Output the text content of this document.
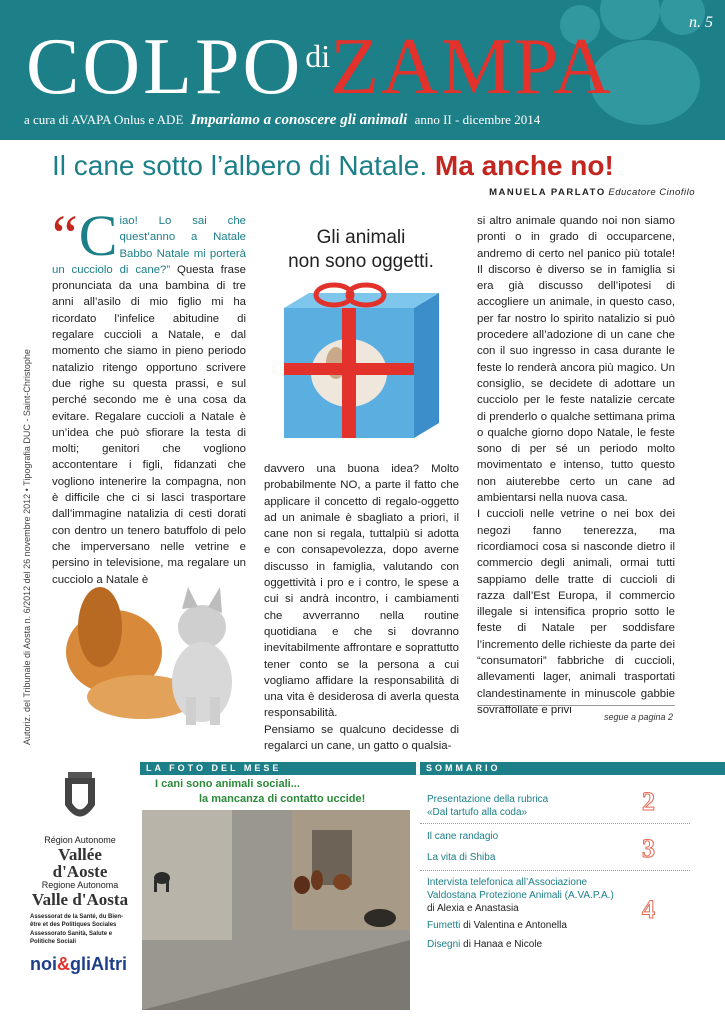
n. 5
COLPOdiZAMPA
a cura di AVAPA Onlus e ADE Impariamo a conoscere gli animali anno II - dicembre 2014
Il cane sotto l’albero di Natale. Ma anche no!
MANUELA PARLATO Educatore Cinofilo
Autoriz. del Tribunale di Aosta n. 6/2012 del 26 novembre 2012 • Tipografia DUC - Saint-Christophe
“ C iao! Lo sai che quest’anno a Natale Babbo Natale mi porterà un cucciolo di cane?” Questa frase pronunciata da una bambina di tre anni all’asilo di mio figlio mi ha ricordato l’infelice abitudine di regalare cuccioli a Natale, e dal momento che siamo in pieno periodo natalizio ritengo opportuno scrivere due righe su questa prassi, e sul perché secondo me è una cosa da evitare. Regalare cuccioli a Natale è un’idea che può sfiorare la testa di molti; genitori che vogliono accontentare i figli, fidanzati che vogliono intenerire la compagna, non è difficile che ci si lasci trasportare dall’immagine natalizia di cesti dorati con dentro un tenero batuffolo di pelo che imperversano nelle vetrine e persino in televisione, ma regalare un cucciolo a Natale è
Gli animali
non sono oggetti.

davvero una buona idea? Molto probabilmente NO, a parte il fatto che applicare il concetto di regalo-oggetto ad un animale è sbagliato a priori, il cane non si regala, tuttalpiù si adotta e con consapevolezza, dopo averne discusso in famiglia, valutando con oggettività i pro e i contro, le spese a cui si andrà incontro, i cambiamenti che avverranno nella routine quotidiana e che si dovranno inevitabilmente affrontare e soprattutto tener conto se la persona a cui vogliamo affidare la responsabilità di una vita è desiderosa di averla questa responsabilità.

Pensiamo se qualcuno decidesse di regalarci un cane, un gatto o qualsia-

si altro animale quando noi non siamo pronti o in grado di occuparcene, andremo di certo nel panico più totale! Il discorso è diverso se in famiglia si era già discusso dell’ipotesi di accogliere un animale, in questo caso, per far nostro lo spirito natalizio si può procedere all’adozione di un cane che con il suo ingresso in casa durante le feste lo renderà ancora più magico. Un consiglio, se decidete di adottare un cucciolo per le feste natalizie cercate di prenderlo o qualche settimana prima o qualche giorno dopo Natale, le feste sono di per sé un periodo molto movimentato e intenso, tutto questo non aiuterebbe certo un cane ad ambientarsi nella nuova casa.

I cuccioli nelle vetrine o nei box dei negozi fanno tenerezza, ma ricordiamoci cosa si nasconde dietro il commercio degli animali, ormai tutti sappiamo delle tratte di cuccioli di razza dall’Est Europa, il commercio illegale si intensifica proprio sotto le feste di Natale per soddisfare l’incremento delle richieste da parte dei “consumatori” fabbriche di cuccioli, allevamenti lager, animali trasportati clandestinamente in minuscole gabbie sovraffollate e privi

segue a pagina 2
Région Autonome
Vallée d'Aoste
Regione Autonoma
Valle d'Aosta
Assessorat de la Santé, du Bien-être et des Politiques Sociales
Assessorato Sanità, Salute e Politiche Sociali
noi&gliAltri
LA FOTO DEL MESE
I cani sono animali sociali...
la mancanza di contatto uccide!
SOMMARIO
Presentazione della rubrica
«Dal tartufo alla coda»	2
Il cane randagio
La vita di Shiba	3
Intervista telefonica all’Associazione
Valdostana Protezione Animali (A.VA.P.A.)
di Alexia e Anastasia	4
Fumetti di Valentina e Antonella
Disegni di Hanaa e Nicole
